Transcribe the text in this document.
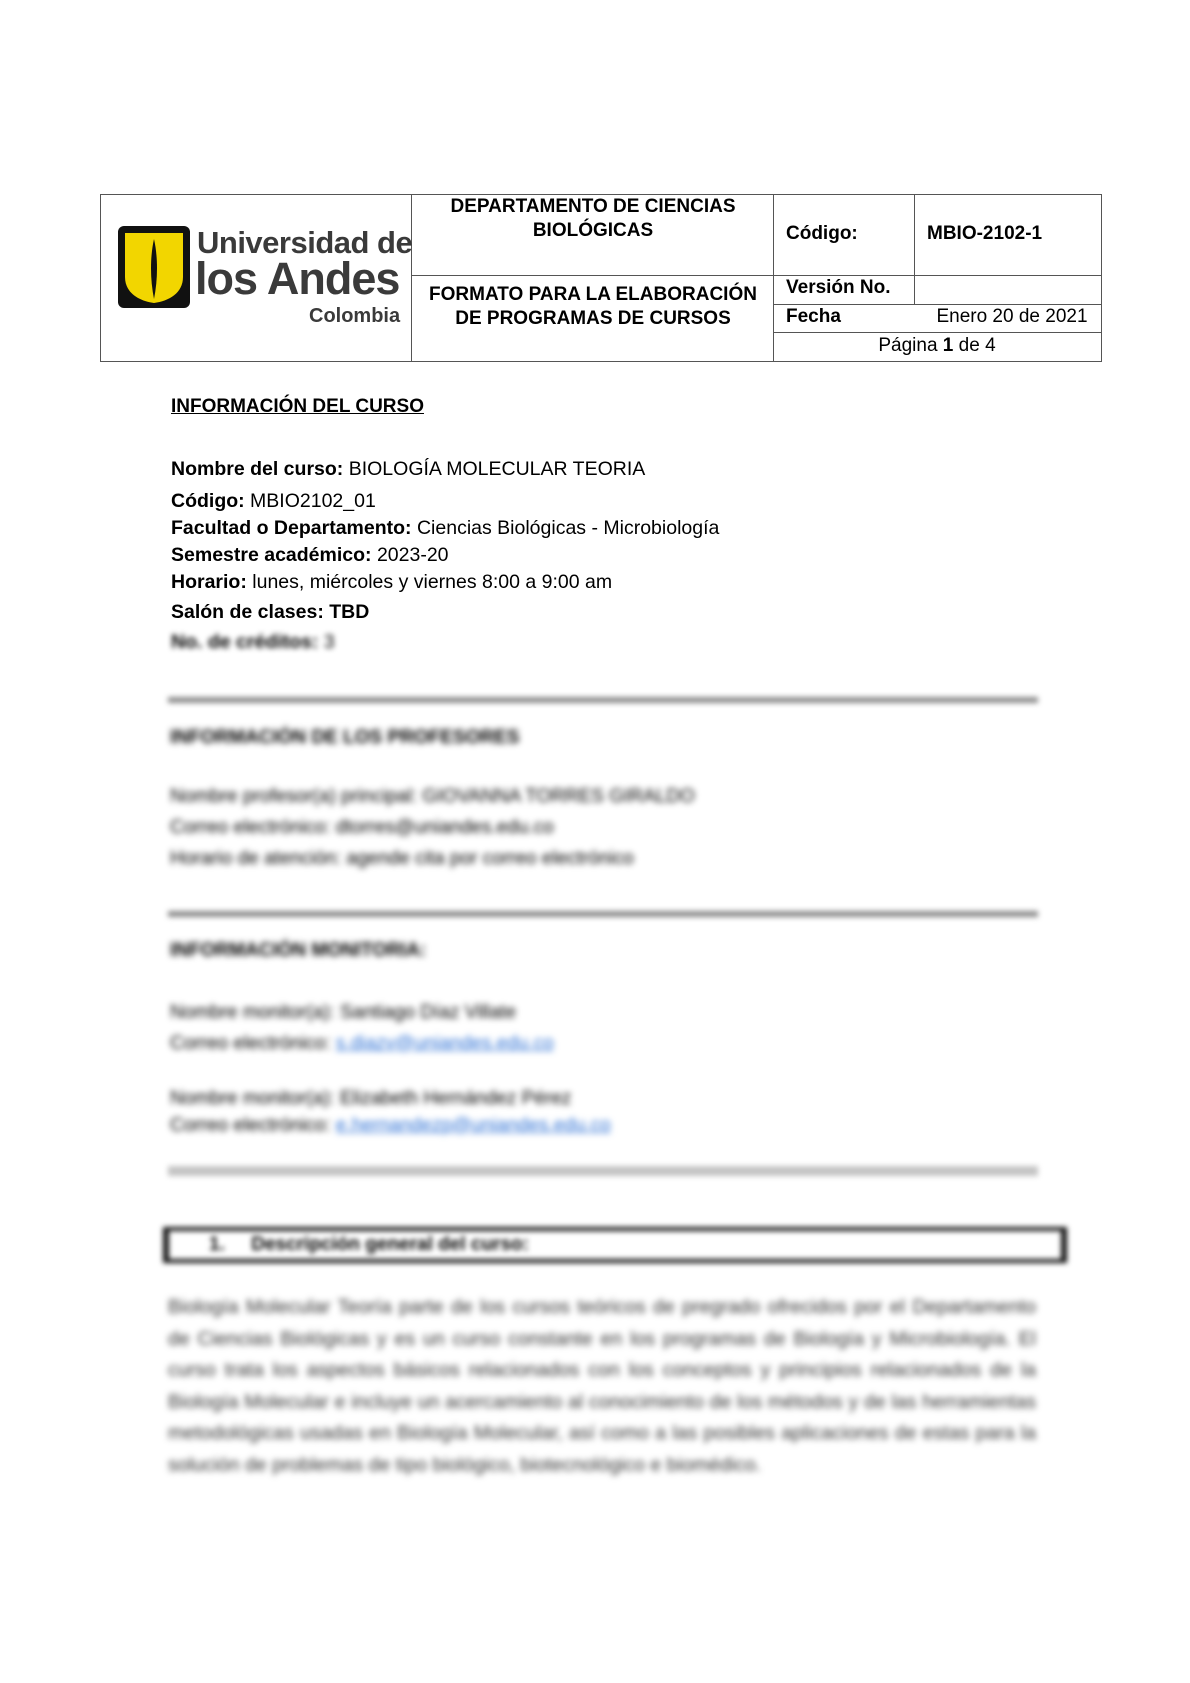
Universidad de
los Andes
Colombia
DEPARTAMENTO DE CIENCIAS BIOLÓGICAS
FORMATO PARA LA ELABORACIÓN DE PROGRAMAS DE CURSOS
Código:	MBIO-2102-1
Versión No.
Fecha	Enero 20 de 2021
Página 1 de 4
INFORMACIÓN DEL CURSO
Nombre del curso: BIOLOGÍA MOLECULAR TEORIA
Código: MBIO2102_01
Facultad o Departamento: Ciencias Biológicas - Microbiología
Semestre académico: 2023-20
Horario: lunes, miércoles y viernes 8:00 a 9:00 am
Salón de clases: TBD
No. de créditos: 3
INFORMACIÓN DE LOS PROFESORES
Nombre profesor(a) principal: GIOVANNA TORRES GIRALDO
Correo electrónico: dtorres@uniandes.edu.co
Horario de atención: agende cita por correo electrónico
INFORMACIÓN MONITORIA:
Nombre monitor(a): Santiago Díaz Villate
Correo electrónico: s.diazv@uniandes.edu.co
Nombre monitor(a): Elizabeth Hernández Pérez
Correo electrónico: e.hernandezp@uniandes.edu.co
1.     Descripción general del curso:
Biología Molecular Teoría parte de los cursos teóricos de pregrado ofrecidos por el Departamento de Ciencias Biológicas y es un curso constante en los programas de Biología y Microbiología. El curso trata los aspectos básicos relacionados con los conceptos y principios relacionados de la Biología Molecular e incluye un acercamiento al conocimiento de los métodos y de las herramientas metodológicas usadas en Biología Molecular, así como a las posibles aplicaciones de estas para la solución de problemas de tipo biológico, biotecnológico e biomédico.
